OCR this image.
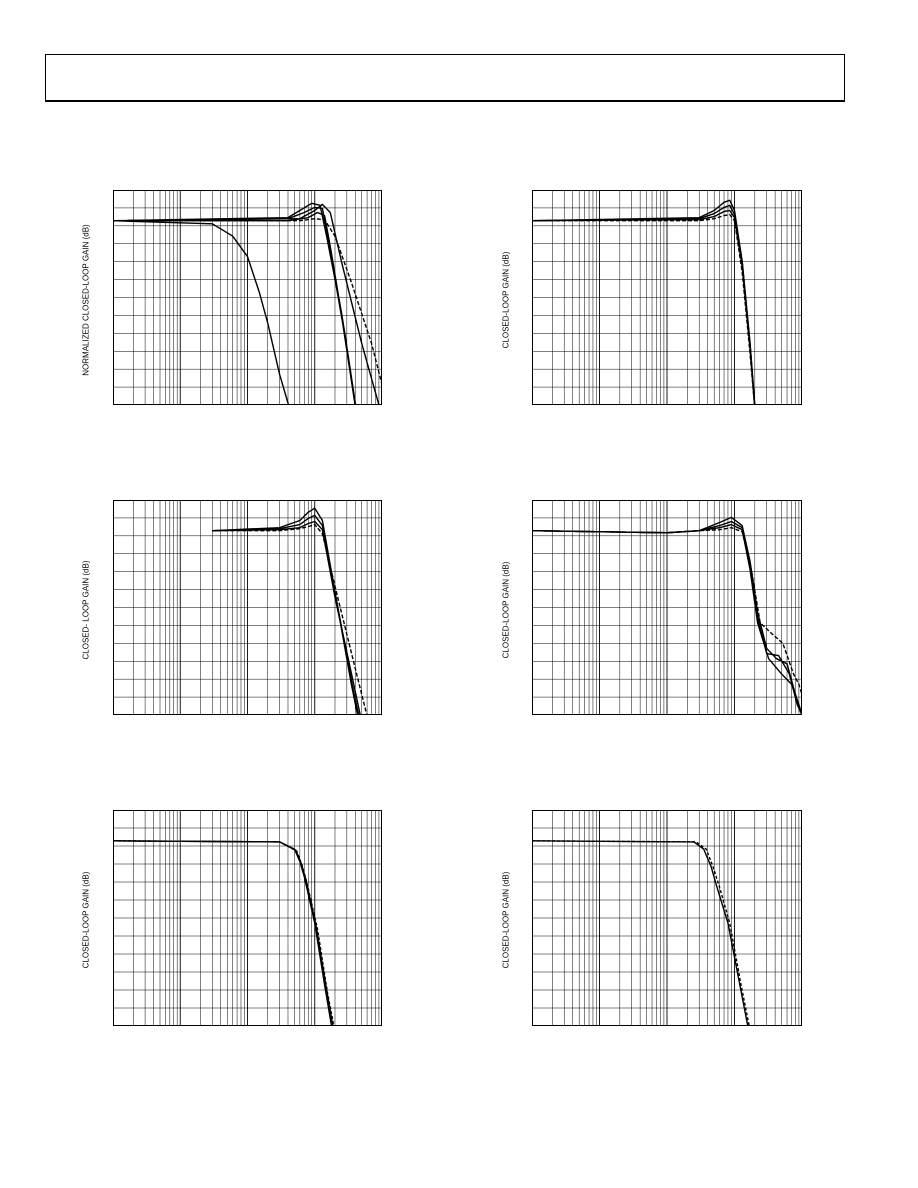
NORMALIZED CLOSED-LOOP GAIN (dB)	CLOSED-LOOP GAIN (dB)
CLOSED- LOOP GAIN (dB)	CLOSED-LOOP GAIN (dB)
CLOSED-LOOP GAIN (dB)	CLOSED-LOOP GAIN (dB)
